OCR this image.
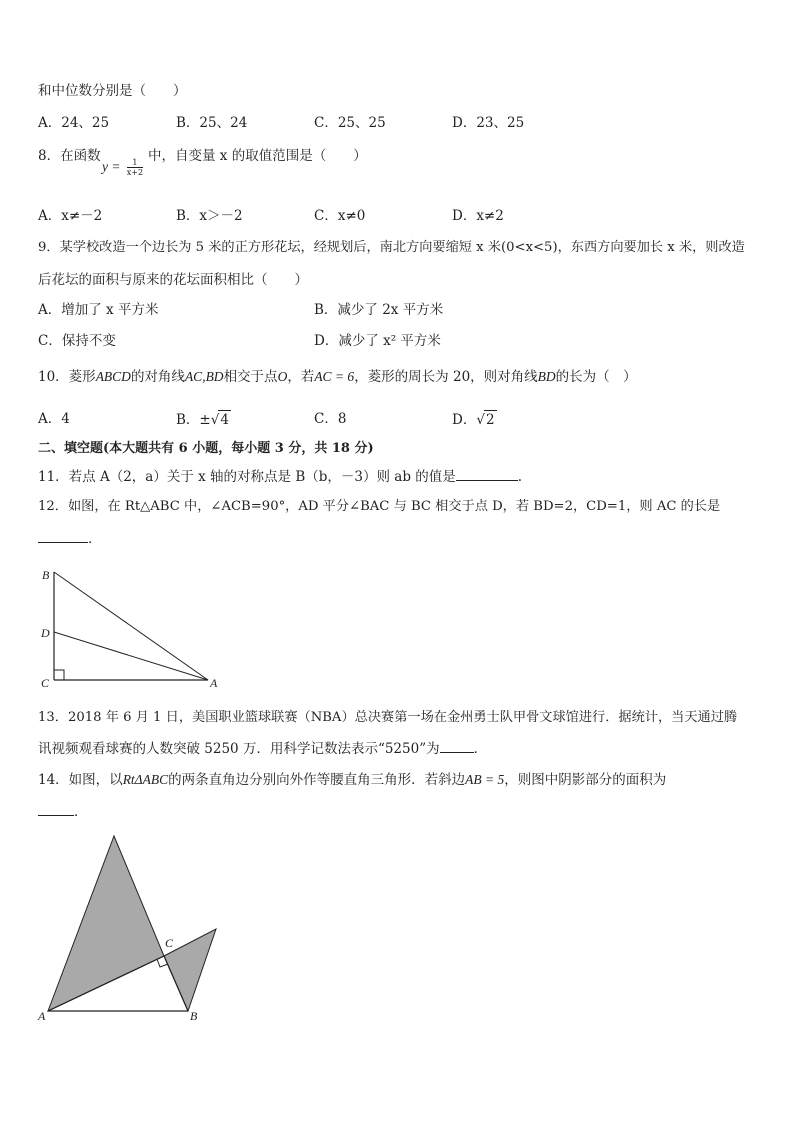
和中位数分别是（　　）
A．24、25	B．25、24	C．25、25	D．23、25
8．在函数
$y = \frac{1}{x+2}$
中，自变量 x 的取值范围是（　　）
A．x≠－2	B．x＞－2	C．x≠0	D．x≠2
9．某学校改造一个边长为 5 米的正方形花坛，经规划后，南北方向要缩短 x 米(0<x<5)，东西方向要加长 x 米，则改造
后花坛的面积与原来的花坛面积相比（　　）
A．增加了 x 平方米	B．减少了 2x 平方米
C．保持不变	D．减少了 x² 平方米
10．菱形ABCD的对角线AC,BD相交于点O，若AC = 6，菱形的周长为 20，则对角线BD的长为（　）
A．4	B．±√4	C．8	D．√2
二、填空题(本大题共有 6 小题，每小题 3 分，共 18 分)
11．若点 A（2，a）关于 x 轴的对称点是 B（b，－3）则 ab 的值是	.
12．如图，在 Rt△ABC 中，∠ACB=90°，AD 平分∠BAC 与 BC 相交于点 D，若 BD=2，CD=1，则 AC 的长是
．
B
D
C	A
13．2018 年 6 月 1 日，美国职业篮球联赛（NBA）总决赛第一场在金州勇士队甲骨文球馆进行．据统计，当天通过腾
讯视频观看球赛的人数突破 5250 万．用科学记数法表示“5250”为	．
14．如图，以RtΔABC的两条直角边分别向外作等腰直角三角形．若斜边AB = 5，则图中阴影部分的面积为
．
A	B
C
